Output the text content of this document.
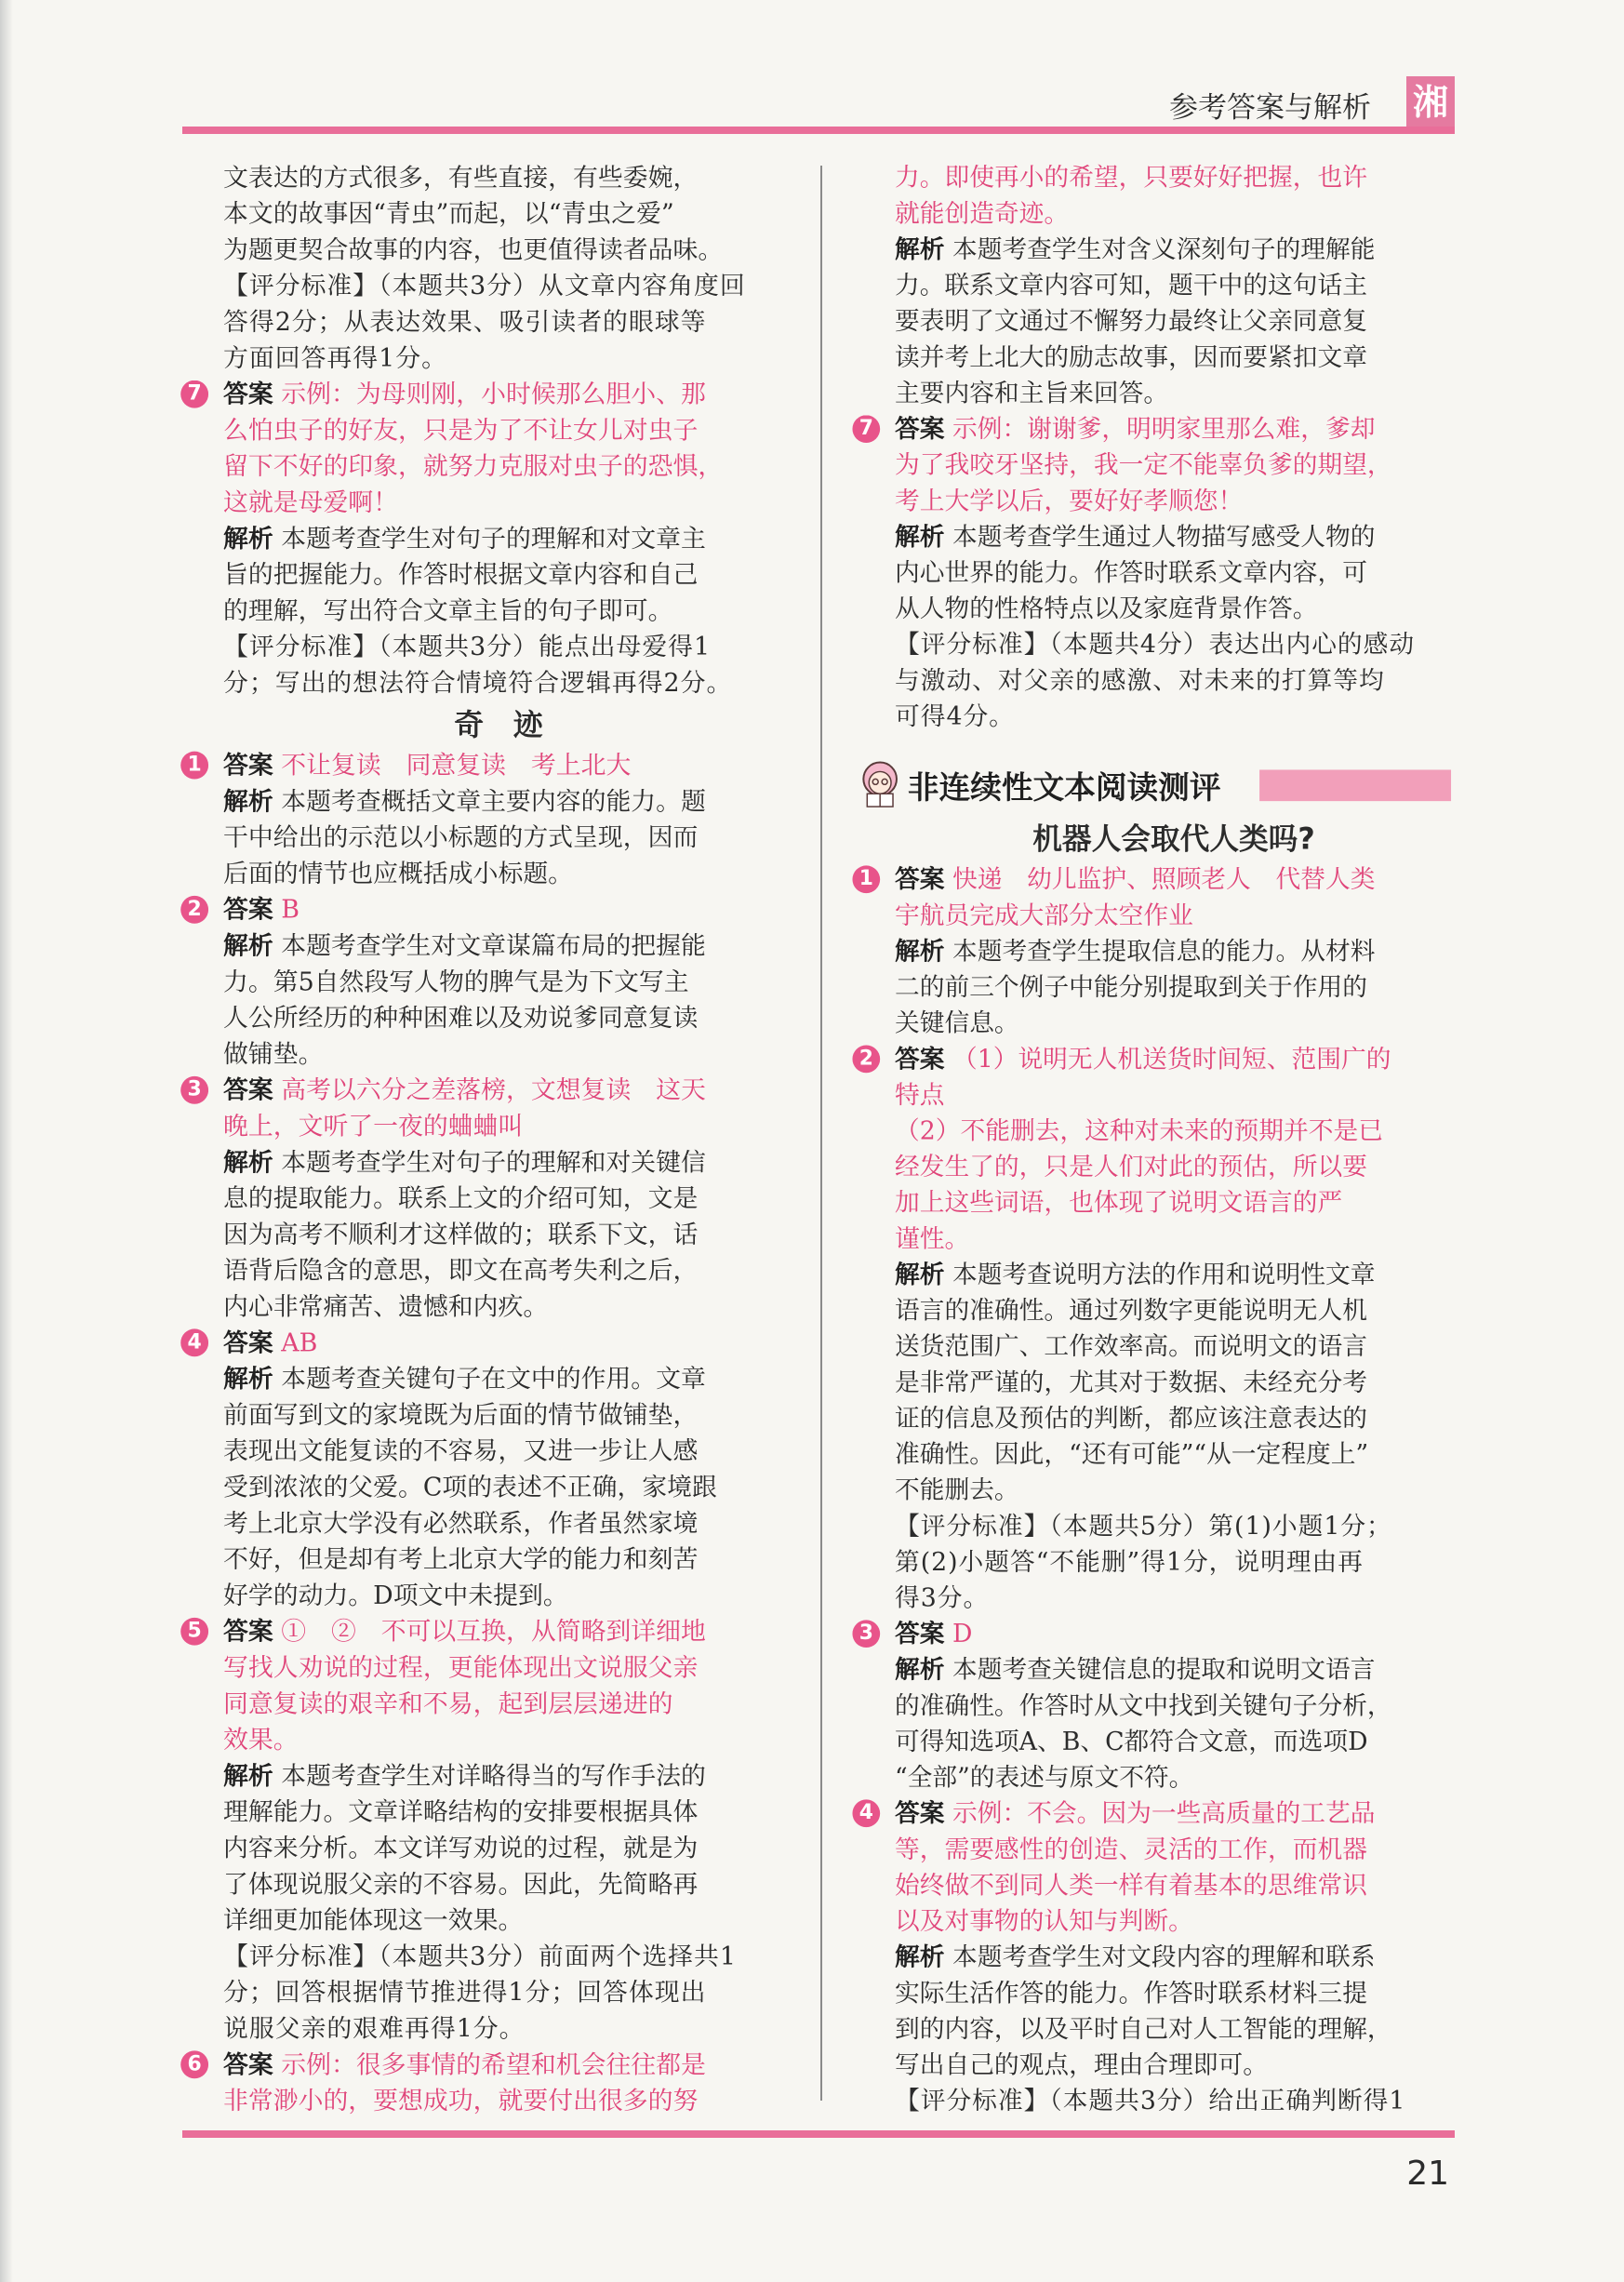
参考答案与解析 湘

文表达的方式很多，有些直接，有些委婉，

本文的故事因“青虫”而起，以“青虫之爱”

为题更契合故事的内容，也更值得读者品味。

【评分标准】（本题共3分）从文章内容角度回

答得2分；从表达效果、吸引读者的眼球等

方面回答再得1分。

7 答案 示例：为母则刚，小时候那么胆小、那

么怕虫子的好友，只是为了不让女儿对虫子

留下不好的印象，就努力克服对虫子的恐惧，

这就是母爱啊！

解析 本题考查学生对句子的理解和对文章主

旨的把握能力。作答时根据文章内容和自己

的理解，写出符合文章主旨的句子即可。

【评分标准】（本题共3分）能点出母爱得1

分；写出的想法符合情境符合逻辑再得2分。

奇　迹
1 答案 不让复读　同意复读　考上北大

解析 本题考查概括文章主要内容的能力。题

干中给出的示范以小标题的方式呈现，因而

后面的情节也应概括成小标题。

2 答案 B

解析 本题考查学生对文章谋篇布局的把握能

力。第5自然段写人物的脾气是为下文写主

人公所经历的种种困难以及劝说爹同意复读

做铺垫。

3 答案 高考以六分之差落榜，文想复读　这天

晚上，文听了一夜的蛐蛐叫

解析 本题考查学生对句子的理解和对关键信

息的提取能力。联系上文的介绍可知，文是

因为高考不顺利才这样做的；联系下文，话

语背后隐含的意思，即文在高考失利之后，

内心非常痛苦、遗憾和内疚。

4 答案 AB

解析 本题考查关键句子在文中的作用。文章

前面写到文的家境既为后面的情节做铺垫，

表现出文能复读的不容易，又进一步让人感

受到浓浓的父爱。C项的表述不正确，家境跟

考上北京大学没有必然联系，作者虽然家境

不好，但是却有考上北京大学的能力和刻苦

好学的动力。D项文中未提到。

5 答案 ①　②　不可以互换，从简略到详细地

写找人劝说的过程，更能体现出文说服父亲

同意复读的艰辛和不易，起到层层递进的

效果。

解析 本题考查学生对详略得当的写作手法的

理解能力。文章详略结构的安排要根据具体

内容来分析。本文详写劝说的过程，就是为

了体现说服父亲的不容易。因此，先简略再

详细更加能体现这一效果。

【评分标准】（本题共3分）前面两个选择共1

分；回答根据情节推进得1分；回答体现出

说服父亲的艰难再得1分。

6 答案 示例：很多事情的希望和机会往往都是

非常渺小的，要想成功，就要付出很多的努

力。即使再小的希望，只要好好把握，也许

就能创造奇迹。

解析 本题考查学生对含义深刻句子的理解能

力。联系文章内容可知，题干中的这句话主

要表明了文通过不懈努力最终让父亲同意复

读并考上北大的励志故事，因而要紧扣文章

主要内容和主旨来回答。

7 答案 示例：谢谢爹，明明家里那么难，爹却

为了我咬牙坚持，我一定不能辜负爹的期望，

考上大学以后，要好好孝顺您！

解析 本题考查学生通过人物描写感受人物的

内心世界的能力。作答时联系文章内容，可

从人物的性格特点以及家庭背景作答。

【评分标准】（本题共4分）表达出内心的感动

与激动、对父亲的感激、对未来的打算等均

可得4分。

非连续性文本阅读测评
机器人会取代人类吗?
1 答案 快递　幼儿监护、照顾老人　代替人类

宇航员完成大部分太空作业

解析 本题考查学生提取信息的能力。从材料

二的前三个例子中能分别提取到关于作用的

关键信息。

2 答案 （1）说明无人机送货时间短、范围广的

特点

（2）不能删去，这种对未来的预期并不是已

经发生了的，只是人们对此的预估，所以要

加上这些词语，也体现了说明文语言的严

谨性。

解析 本题考查说明方法的作用和说明性文章

语言的准确性。通过列数字更能说明无人机

送货范围广、工作效率高。而说明文的语言

是非常严谨的，尤其对于数据、未经充分考

证的信息及预估的判断，都应该注意表达的

准确性。因此，“还有可能”“从一定程度上”

不能删去。

【评分标准】（本题共5分）第(1)小题1分；

第(2)小题答“不能删”得1分，说明理由再

得3分。

3 答案 D

解析 本题考查关键信息的提取和说明文语言

的准确性。作答时从文中找到关键句子分析，

可得知选项A、B、C都符合文意，而选项D

“全部”的表述与原文不符。

4 答案 示例：不会。因为一些高质量的工艺品

等，需要感性的创造、灵活的工作，而机器

始终做不到同人类一样有着基本的思维常识

以及对事物的认知与判断。

解析 本题考查学生对文段内容的理解和联系

实际生活作答的能力。作答时联系材料三提

到的内容，以及平时自己对人工智能的理解，

写出自己的观点，理由合理即可。

【评分标准】（本题共3分）给出正确判断得1

21
